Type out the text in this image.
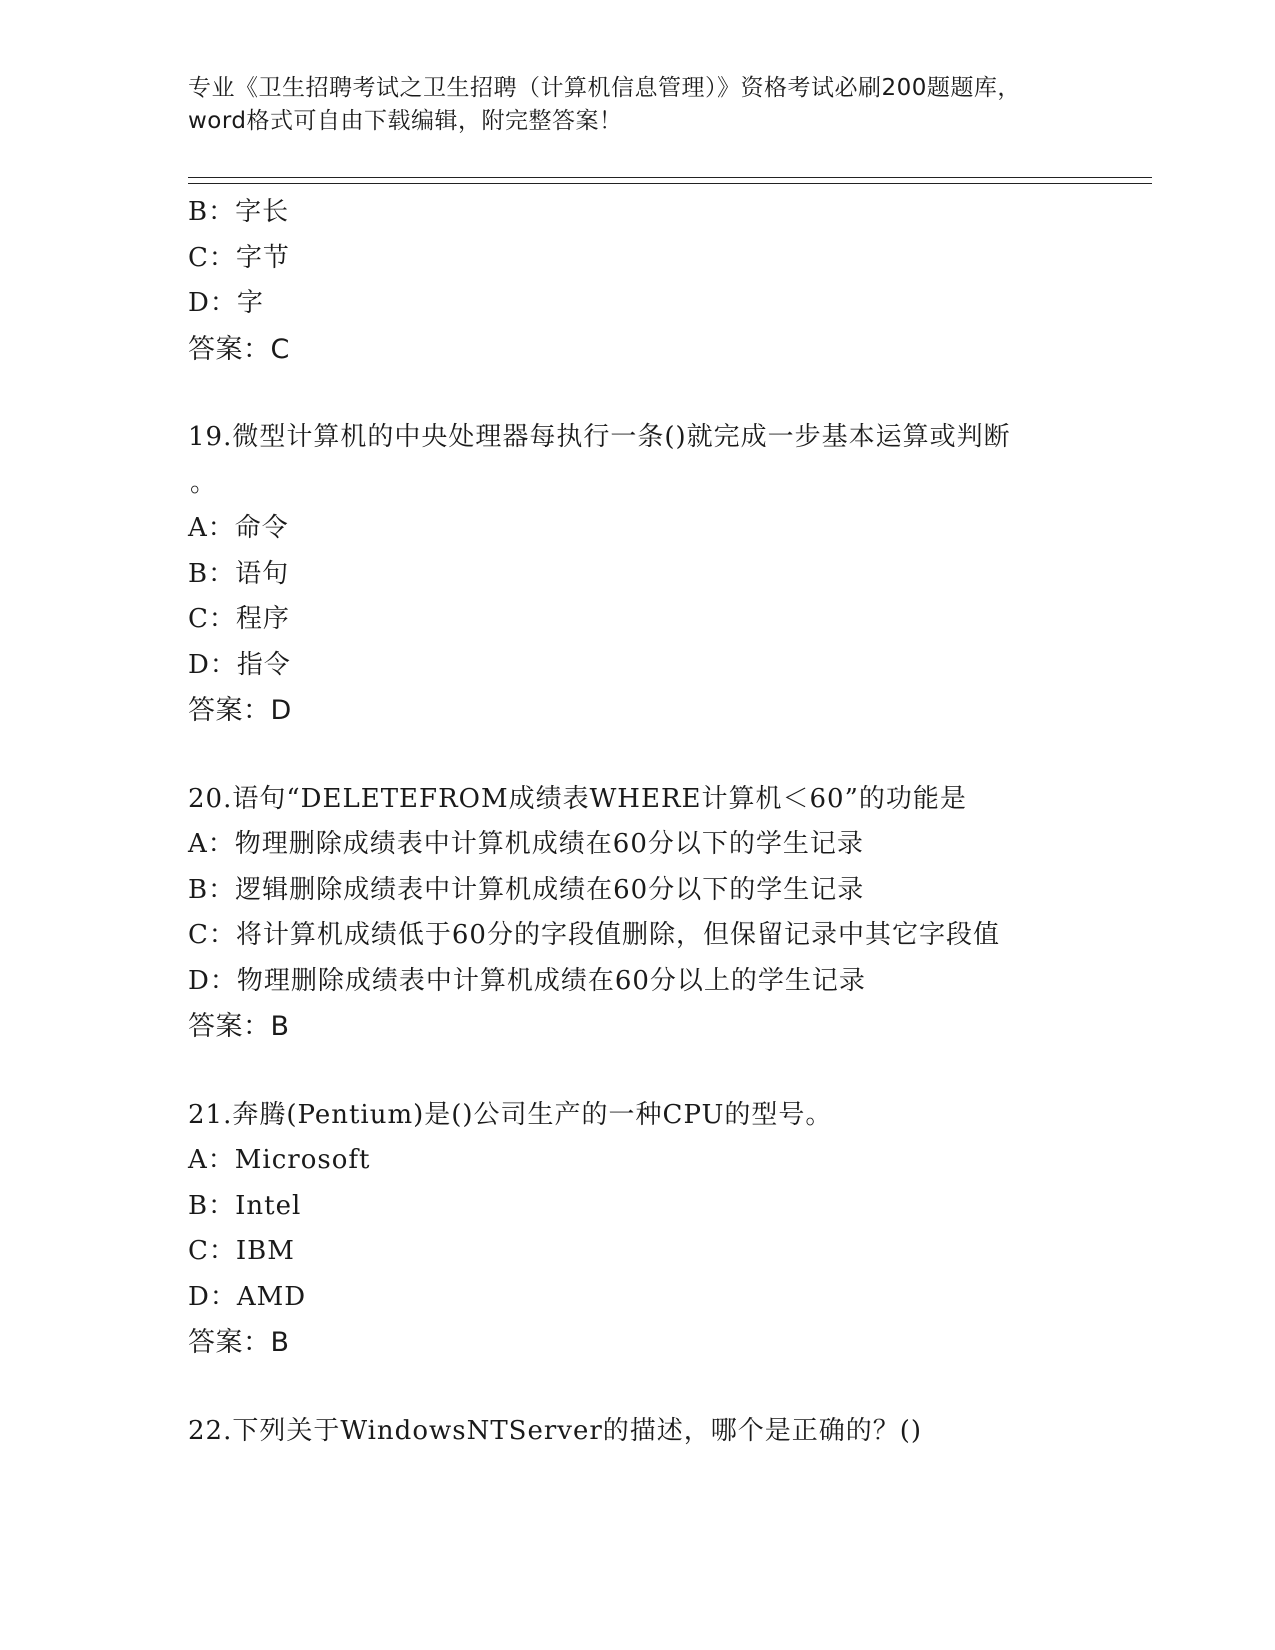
专业《卫生招聘考试之卫生招聘（计算机信息管理）》资格考试必刷200题题库，
word格式可自由下载编辑，附完整答案！
B：字长
C：字节
D：字
答案：C
19.微型计算机的中央处理器每执行一条()就完成一步基本运算或判断
。
A：命令
B：语句
C：程序
D：指令
答案：D
20.语句“DELETEFROM成绩表WHERE计算机＜60”的功能是
A：物理删除成绩表中计算机成绩在60分以下的学生记录
B：逻辑删除成绩表中计算机成绩在60分以下的学生记录
C：将计算机成绩低于60分的字段值删除，但保留记录中其它字段值
D：物理删除成绩表中计算机成绩在60分以上的学生记录
答案：B
21.奔腾(Pentium)是()公司生产的一种CPU的型号。
A：Microsoft
B：Intel
C：IBM
D：AMD
答案：B
22.下列关于WindowsNTServer的描述，哪个是正确的？()
